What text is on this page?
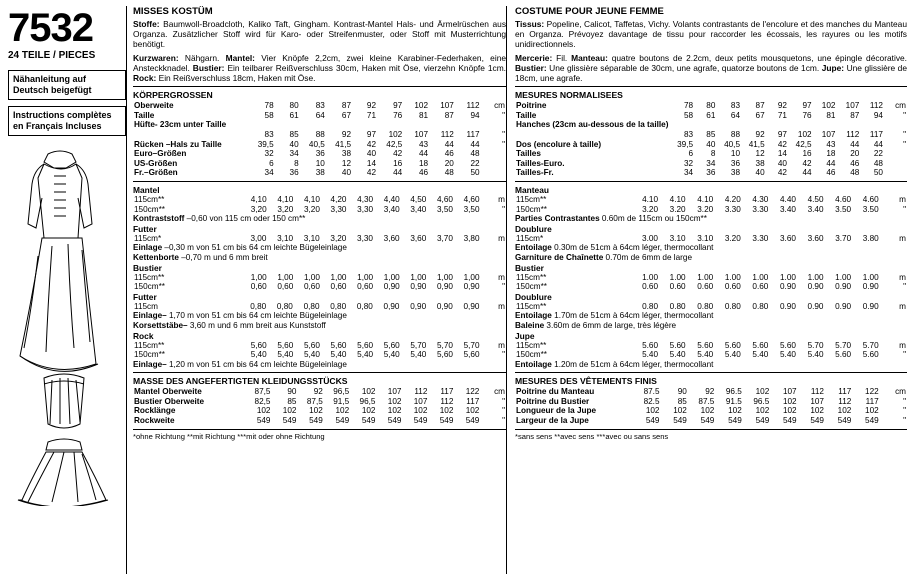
7532
24 TEILE / PIECES
Nähanleitung auf Deutsch beigefügt
Instructions complètes en Français Incluses
MISSES KOSTÜM

Stoffe: Baumwoll-Broadcloth, Kaliko Taft, Gingham. Kontrast-Mantel Hals- und Ärmelrüschen aus Organza. Zusätzlicher Stoff wird für Karo- oder Streifenmuster, oder Stoff mit Musterrichtung benötigt.

Kurzwaren: Nähgarn. Mantel: Vier Knöpfe 2,2cm, zwei kleine Karabiner-Federhaken, eine Ansteckknadel. Bustier: Ein teilbarer Reißverschluss 30cm, Haken mit Öse, vierzehn Knöpfe 1cm. Rock: Ein Reißverschluss 18cm, Haken mit Öse.

KÖRPERGROSSEN
Oberweite	78	80	83	87	92	97	102	107	112	cm
Taille	58	61	64	67	71	76	81	87	94	"
Hüfte- 23cm unter Taille										
	83	85	88	92	97	102	107	112	117	"
Rücken –Hals zu Taille	39,5	40	40,5	41,5	42	42,5	43	44	44	"
Euro–Größen	32	34	36	38	40	42	44	46	48	
US-Größen	6	8	10	12	14	16	18	20	22	
Fr.–Größen	34	36	38	40	42	44	46	48	50	
Mantel
115cm**	4,10	4,10	4,10	4,20	4,30	4,40	4,50	4,60	4,60	m
150cm**	3,20	3,20	3,20	3,30	3,30	3,40	3,40	3,50	3,50	"
Kontraststoff –0,60 von 115 cm oder 150 cm**
Futter
115cm*	3,00	3,10	3,10	3,20	3,30	3,60	3,60	3,70	3,80	m
Einlage –0,30 m von 51 cm bis 64 cm leichte Bügeleinlage
Kettenborte –0,70 m und 6 mm breit
Bustier
115cm**	1,00	1,00	1,00	1,00	1,00	1,00	1,00	1,00	1,00	m
150cm**	0,60	0,60	0,60	0,60	0,60	0,90	0,90	0,90	0,90	"
Futter
115cm	0,80	0,80	0,80	0,80	0,80	0,90	0,90	0,90	0,90	m
Einlage– 1,70 m von 51 cm bis 64 cm leichte Bügeleinlage
Korsettstäbe– 3,60 m und 6 mm breit aus Kunststoff
Rock
115cm**	5,60	5,60	5,60	5,60	5,60	5,60	5,70	5,70	5,70	m
150cm**	5,40	5,40	5,40	5,40	5,40	5,40	5,40	5,60	5,60	"
Einlage– 1,20 m von 51 cm bis 64 cm leichte Bügeleinlage
MASSE DES ANGEFERTIGTEN KLEIDUNGSSTÜCKS
Mantel Oberweite	87,5	90	92	96,5	102	107	112	117	122	cm
Bustier Oberweite	82,5	85	87,5	91,5	96,5	102	107	112	117	"
Rocklänge	102	102	102	102	102	102	102	102	102	"
Rockweite	549	549	549	549	549	549	549	549	549	"
*ohne Richtung **mit Richtung ***mit oder ohne Richtung
COSTUME POUR JEUNE FEMME

Tissus: Popeline, Calicot, Taffetas, Vichy. Volants contrastants de l'encolure et des manches du Manteau en Organza. Prévoyez davantage de tissu pour raccorder les écossais, les rayures ou les motifs unidirectionnels.

Mercerie: Fil. Manteau: quatre boutons de 2.2cm, deux petits mousquetons, une épingle décorative. Bustier: Une glissière séparable de 30cm, une agrafe, quatorze boutons de 1cm. Jupe: Une glissière de 18cm, une agrafe.

MESURES NORMALISEES
Poitrine	78	80	83	87	92	97	102	107	112	cm
Taille	58	61	64	67	71	76	81	87	94	"
Hanches (23cm au-dessous de la taille)										
	83	85	88	92	97	102	107	112	117	"
Dos (encolure à taille)	39,5	40	40,5	41,5	42	42,5	43	44	44	"
Tailles	6	8	10	12	14	16	18	20	22	
Tailles-Euro.	32	34	36	38	40	42	44	46	48	
Tailles-Fr.	34	36	38	40	42	44	46	48	50	
Manteau
115cm**	4.10	4.10	4.10	4.20	4.30	4.40	4.50	4.60	4.60	m
150cm**	3.20	3.20	3.20	3.30	3.30	3.40	3.40	3.50	3.50	"
Parties Contrastantes 0.60m de 115cm ou 150cm**
Doublure
115cm*	3.00	3.10	3.10	3.20	3.30	3.60	3.60	3.70	3.80	m
Entoilage 0.30m de 51cm à 64cm léger, thermocollant
Garniture de Chaînette 0.70m de 6mm de large
Bustier
115cm**	1.00	1.00	1.00	1.00	1.00	1.00	1.00	1.00	1.00	m
150cm**	0.60	0.60	0.60	0.60	0.60	0.90	0.90	0.90	0.90	"
Doublure
115cm**	0.80	0.80	0.80	0.80	0.80	0.90	0.90	0.90	0.90	m
Entoilage 1.70m de 51cm à 64cm léger, thermocollant
Baleine 3.60m de 6mm de large, très légère
Jupe
115cm**	5.60	5.60	5.60	5.60	5.60	5.60	5.70	5.70	5.70	m
150cm**	5.40	5.40	5.40	5.40	5.40	5.40	5.40	5.60	5.60	"
Entoilage 1.20m de 51cm à 64cm léger, thermocollant
MESURES DES VÊTEMENTS FINIS
Poitrine du Manteau	87.5	90	92	96.5	102	107	112	117	122	cm
Poitrine du Bustier	82.5	85	87.5	91.5	96.5	102	107	112	117	"
Longueur de la Jupe	102	102	102	102	102	102	102	102	102	"
Largeur de la Jupe	549	549	549	549	549	549	549	549	549	"
*sans sens **avec sens ***avec ou sans sens
